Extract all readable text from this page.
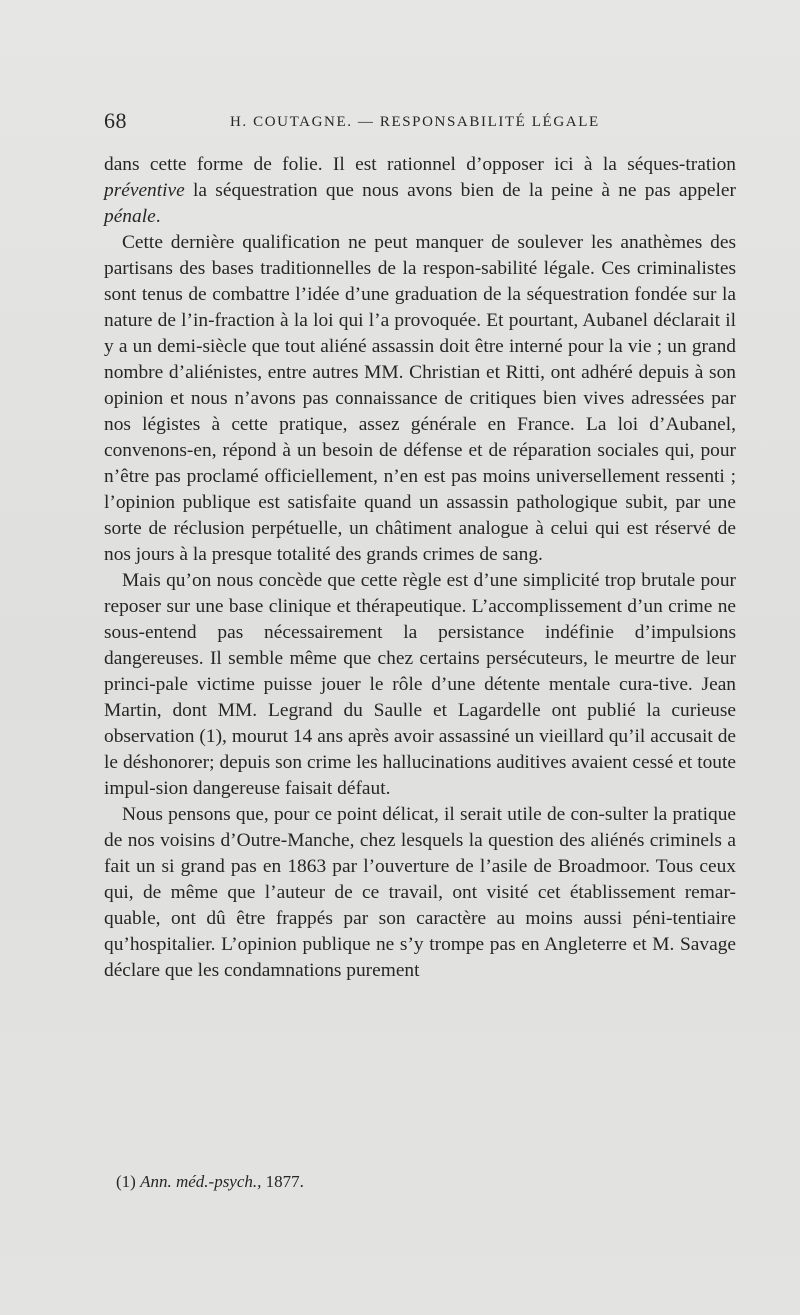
68	H. COUTAGNE. — RESPONSABILITÉ LÉGALE

dans cette forme de folie. Il est rationnel d’opposer ici à la séques-tration préventive la séquestration que nous avons bien de la peine à ne pas appeler pénale.

Cette dernière qualification ne peut manquer de soulever les anathèmes des partisans des bases traditionnelles de la respon-sabilité légale. Ces criminalistes sont tenus de combattre l’idée d’une graduation de la séquestration fondée sur la nature de l’in-fraction à la loi qui l’a provoquée. Et pourtant, Aubanel déclarait il y a un demi-siècle que tout aliéné assassin doit être interné pour la vie ; un grand nombre d’aliénistes, entre autres MM. Christian et Ritti, ont adhéré depuis à son opinion et nous n’avons pas connaissance de critiques bien vives adressées par nos légistes à cette pratique, assez générale en France. La loi d’Aubanel, convenons-en, répond à un besoin de défense et de réparation sociales qui, pour n’être pas proclamé officiellement, n’en est pas moins universellement ressenti ; l’opinion publique est satisfaite quand un assassin pathologique subit, par une sorte de réclusion perpétuelle, un châtiment analogue à celui qui est réservé de nos jours à la presque totalité des grands crimes de sang.

Mais qu’on nous concède que cette règle est d’une simplicité trop brutale pour reposer sur une base clinique et thérapeutique. L’accomplissement d’un crime ne sous-entend pas nécessairement la persistance indéfinie d’impulsions dangereuses. Il semble même que chez certains persécuteurs, le meurtre de leur princi-pale victime puisse jouer le rôle d’une détente mentale cura-tive. Jean Martin, dont MM. Legrand du Saulle et Lagardelle ont publié la curieuse observation (1), mourut 14 ans après avoir assassiné un vieillard qu’il accusait de le déshonorer; depuis son crime les hallucinations auditives avaient cessé et toute impul-sion dangereuse faisait défaut.

Nous pensons que, pour ce point délicat, il serait utile de con-sulter la pratique de nos voisins d’Outre-Manche, chez lesquels la question des aliénés criminels a fait un si grand pas en 1863 par l’ouverture de l’asile de Broadmoor. Tous ceux qui, de même que l’auteur de ce travail, ont visité cet établissement remar-quable, ont dû être frappés par son caractère au moins aussi péni-tentiaire qu’hospitalier. L’opinion publique ne s’y trompe pas en Angleterre et M. Savage déclare que les condamnations purement

(1) Ann. méd.-psych., 1877.
